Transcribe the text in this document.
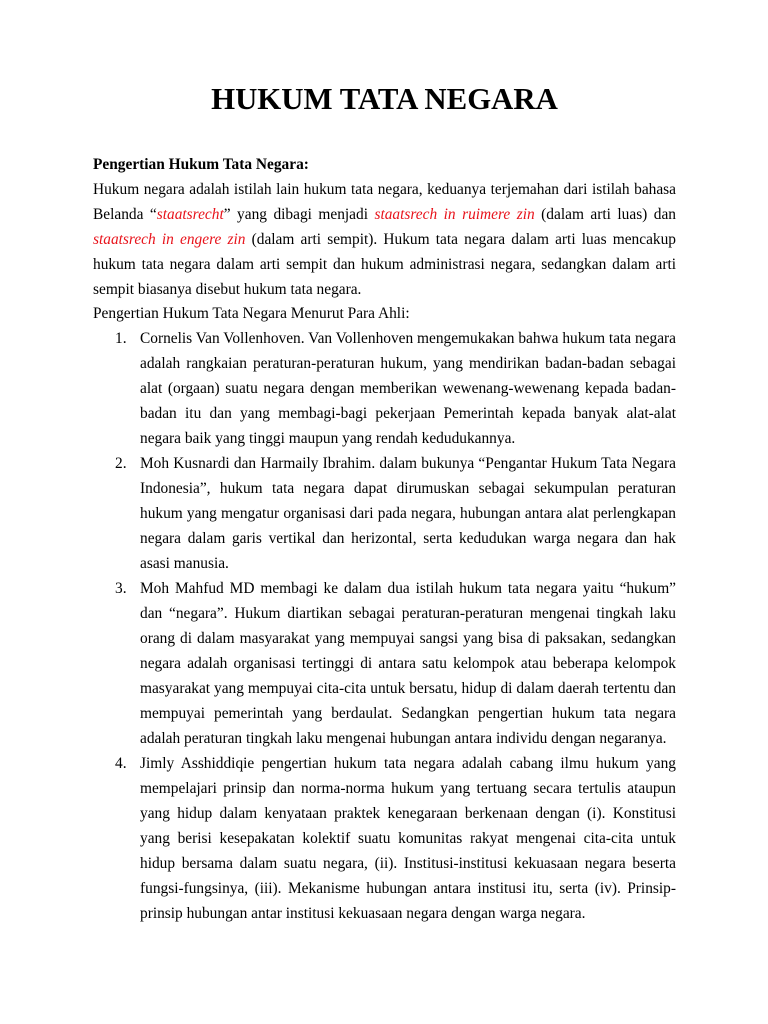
HUKUM TATA NEGARA

Pengertian Hukum Tata Negara:

Hukum negara adalah istilah lain hukum tata negara, keduanya terjemahan dari istilah bahasa Belanda “staatsrecht” yang dibagi menjadi staatsrech in ruimere zin (dalam arti luas) dan staatsrech in engere zin (dalam arti sempit). Hukum tata negara dalam arti luas mencakup hukum tata negara dalam arti sempit dan hukum administrasi negara, sedangkan dalam arti sempit biasanya disebut hukum tata negara.

Pengertian Hukum Tata Negara Menurut Para Ahli:

1. Cornelis Van Vollenhoven. Van Vollenhoven mengemukakan bahwa hukum tata negara adalah rangkaian peraturan-peraturan hukum, yang mendirikan badan-badan sebagai alat (orgaan) suatu negara dengan memberikan wewenang-wewenang kepada badan-badan itu dan yang membagi-bagi pekerjaan Pemerintah kepada banyak alat-alat negara baik yang tinggi maupun yang rendah kedudukannya.
2. Moh Kusnardi dan Harmaily Ibrahim. dalam bukunya “Pengantar Hukum Tata Negara Indonesia”, hukum tata negara dapat dirumuskan sebagai sekumpulan peraturan hukum yang mengatur organisasi dari pada negara, hubungan antara alat perlengkapan negara dalam garis vertikal dan herizontal, serta kedudukan warga negara dan hak asasi manusia.
3. Moh Mahfud MD membagi ke dalam dua istilah hukum tata negara yaitu “hukum” dan “negara”. Hukum diartikan sebagai peraturan-peraturan mengenai tingkah laku orang di dalam masyarakat yang mempuyai sangsi yang bisa di paksakan, sedangkan negara adalah organisasi tertinggi di antara satu kelompok atau beberapa kelompok masyarakat yang mempuyai cita-cita untuk bersatu, hidup di dalam daerah tertentu dan mempuyai pemerintah yang berdaulat. Sedangkan pengertian hukum tata negara adalah peraturan tingkah laku mengenai hubungan antara individu dengan negaranya.
4. Jimly Asshiddiqie pengertian hukum tata negara adalah cabang ilmu hukum yang mempelajari prinsip dan norma-norma hukum yang tertuang secara tertulis ataupun yang hidup dalam kenyataan praktek kenegaraan berkenaan dengan (i). Konstitusi yang berisi kesepakatan kolektif suatu komunitas rakyat mengenai cita-cita untuk hidup bersama dalam suatu negara, (ii). Institusi-institusi kekuasaan negara beserta fungsi-fungsinya, (iii). Mekanisme hubungan antara institusi itu, serta (iv). Prinsip-prinsip hubungan antar institusi kekuasaan negara dengan warga negara.
